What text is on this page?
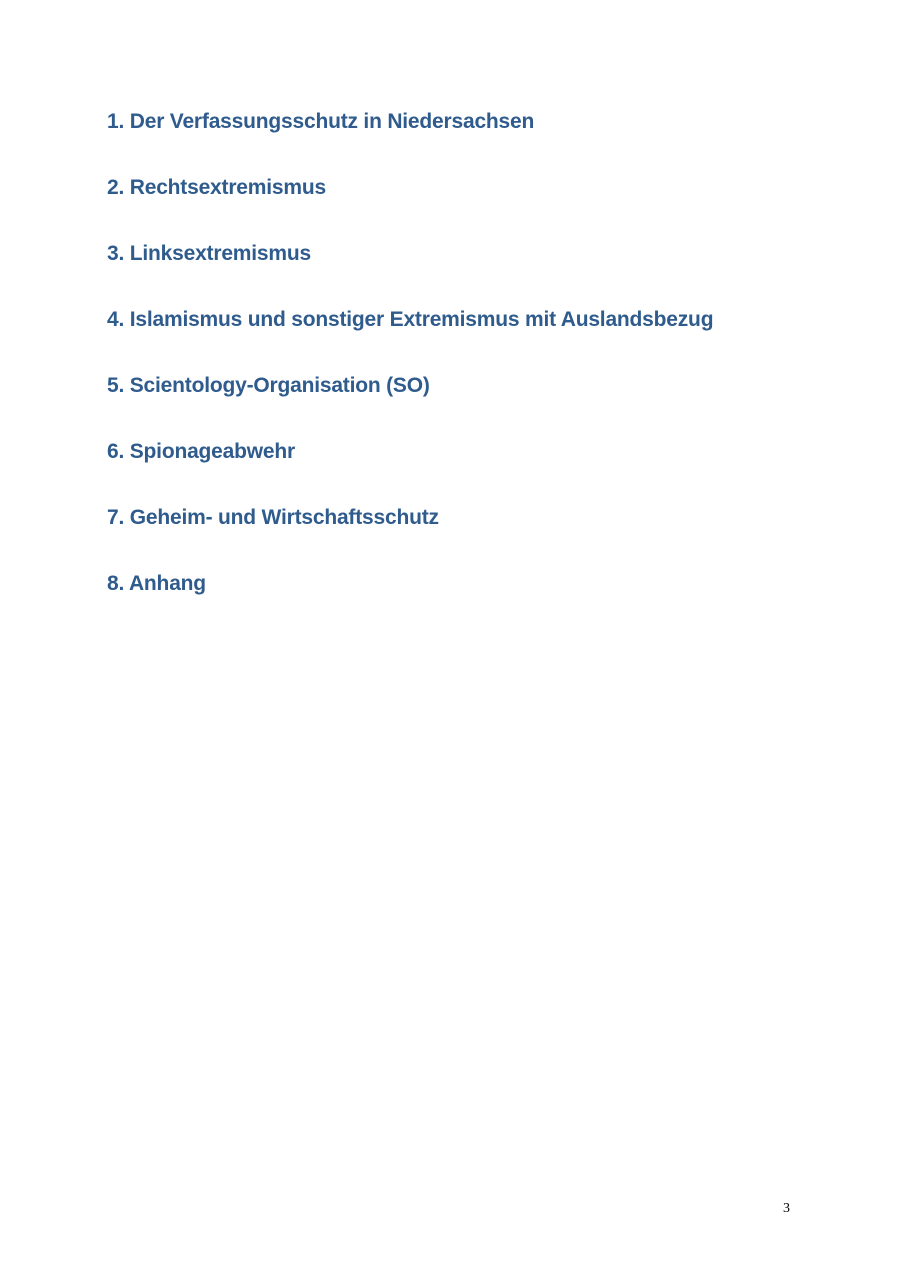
1. Der Verfassungsschutz in Niedersachsen
2. Rechtsextremismus
3. Linksextremismus
4. Islamismus und sonstiger Extremismus mit Auslandsbezug
5. Scientology-Organisation (SO)
6. Spionageabwehr
7. Geheim- und Wirtschaftsschutz
8. Anhang
3
